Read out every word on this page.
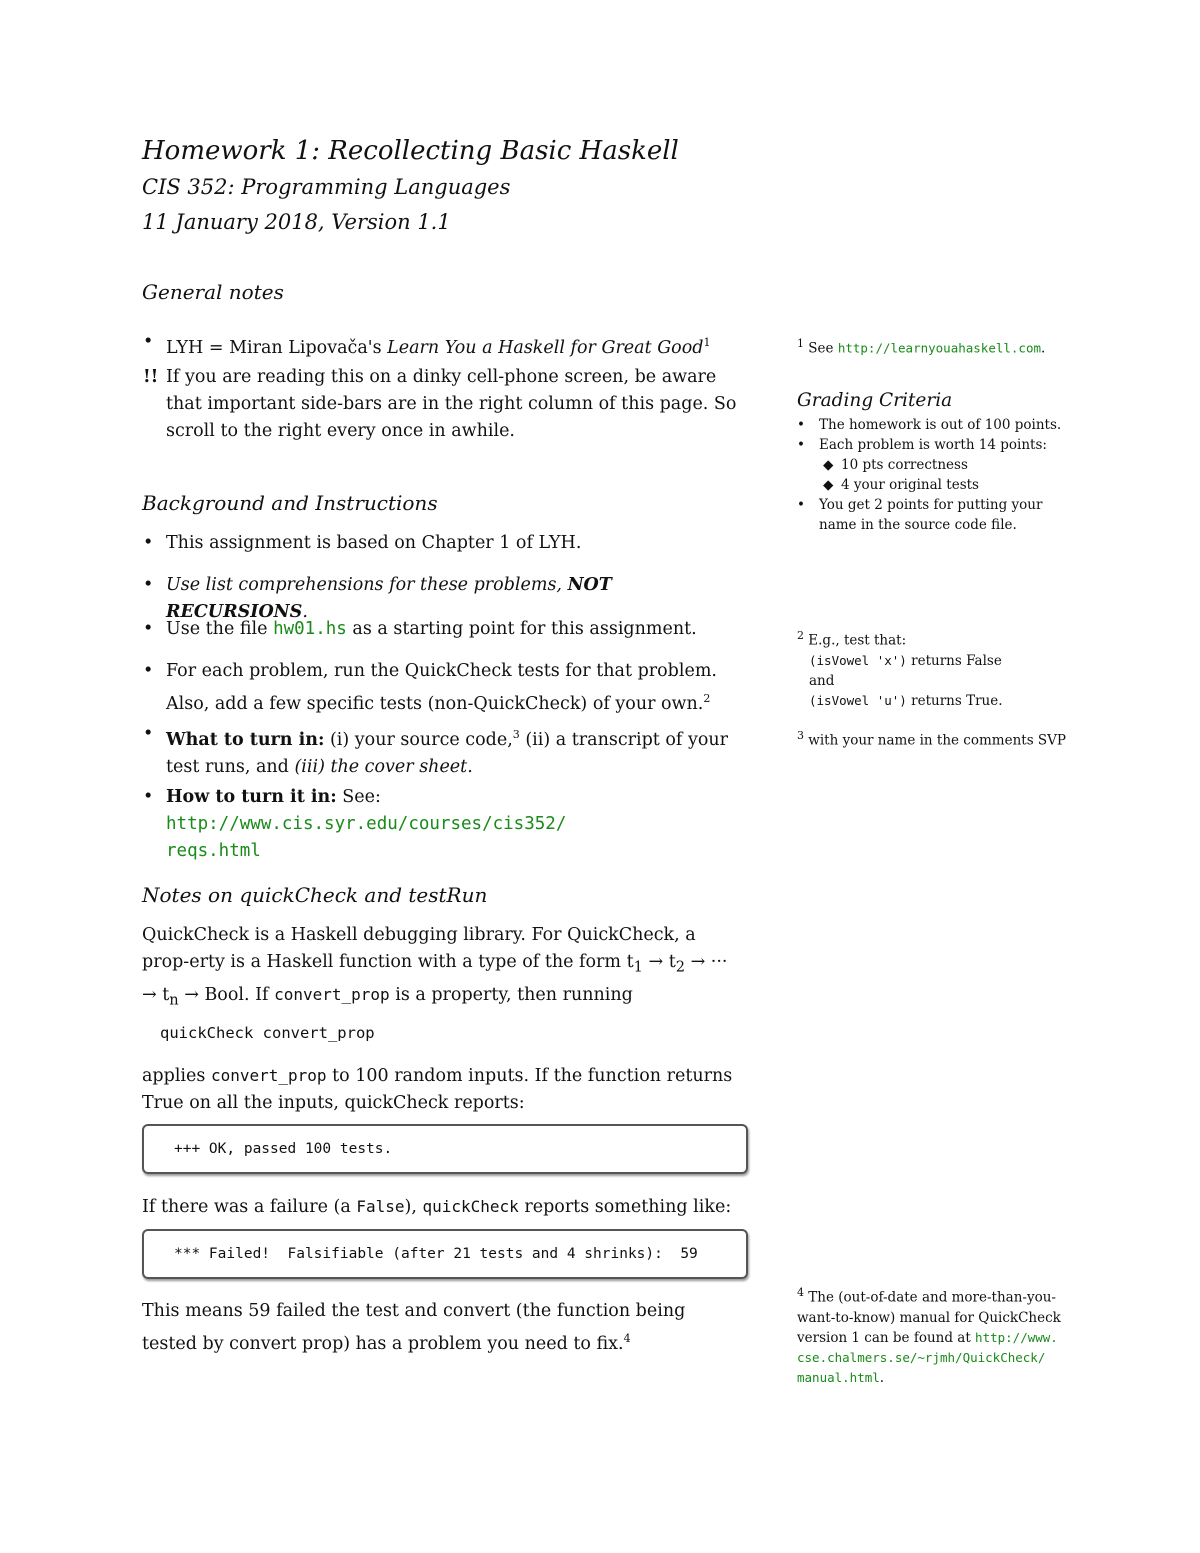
Homework 1: Recollecting Basic Haskell
CIS 352: Programming Languages
11 January 2018, Version 1.1
General notes
• LYH = Miran Lipovača's Learn You a Haskell for Great Good$^1$
!! If you are reading this on a dinky cell-phone screen, be aware that important side-bars are in the right column of this page. So scroll to the right every once in awhile.
Background and Instructions
• This assignment is based on Chapter 1 of LYH.
• Use list comprehensions for these problems, NOT RECURSIONS.
• Use the file hw01.hs as a starting point for this assignment.
• For each problem, run the QuickCheck tests for that problem. Also, add a few specific tests (non-QuickCheck) of your own.$^2$
• What to turn in: (i) your source code,$^3$ (ii) a transcript of your test runs, and (iii) the cover sheet.
• How to turn it in: See: http://www.cis.syr.edu/courses/cis352/
reqs.html
Notes on quickCheck and testRun
QuickCheck is a Haskell debugging library. For QuickCheck, a prop-erty is a Haskell function with a type of the form $t_1 \to t_2$ → ··· → $t_n$ → Bool. If convert_prop is a property, then running
quickCheck convert_prop
applies convert_prop to 100 random inputs. If the function returns True on all the inputs, quickCheck reports:
+++ OK, passed 100 tests.
If there was a failure (a False), quickCheck reports something like:
*** Failed!  Falsifiable (after 21 tests and 4 shrinks):  59
This means 59 failed the test and convert (the function being tested by convert prop) has a problem you need to fix.$^4$
$^1$ See http://learnyouahaskell.com.
Grading Criteria
• The homework is out of 100 points.
• Each problem is worth 14 points:
◆ 10 pts correctness
◆ 4 your original tests
• You get 2 points for putting your name in the source code file.
$^2$ E.g., test that:
(isVowel 'x') returns False
and
(isVowel 'u') returns True.
$^3$ with your name in the comments SVP
$^4$ The (out-of-date and more-than-you-want-to-know) manual for QuickCheck version 1 can be found at http://www.
cse.chalmers.se/~rjmh/QuickCheck/
manual.html.
